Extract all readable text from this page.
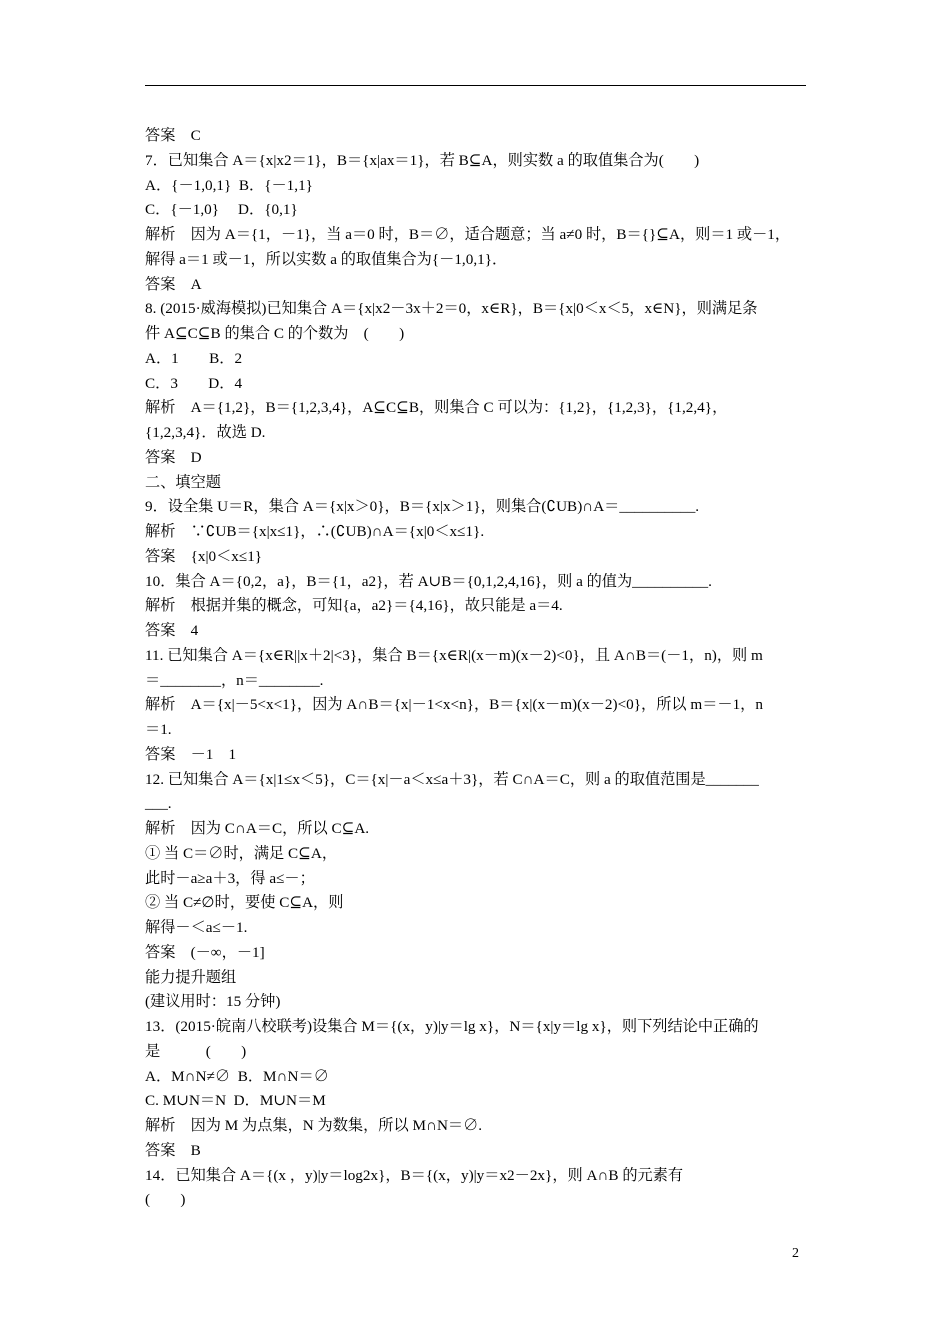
答案　C
7．已知集合 A＝{x|x2＝1}，B＝{x|ax＝1}，若 B⊆A，则实数 a 的取值集合为(　　)
A．{－1,0,1}  B．{－1,1}
C．{－1,0}　 D．{0,1}
解析　因为 A＝{1，－1}，当 a＝0 时，B＝∅，适合题意；当 a≠0 时，B＝{}⊆A，则＝1 或－1，
解得 a＝1 或－1，所以实数 a 的取值集合为{－1,0,1}．
答案　A
8. (2015·威海模拟)已知集合 A＝{x|x2－3x＋2＝0，x∈R}，B＝{x|0＜x＜5，x∈N}，则满足条
件 A⊆C⊆B 的集合 C 的个数为　(　　)
A．1　　B．2
C．3　　D．4
解析　A＝{1,2}，B＝{1,2,3,4}，A⊆C⊆B，则集合 C 可以为：{1,2}，{1,2,3}，{1,2,4}，
{1,2,3,4}．故选 D.
答案　D
二、填空题
9．设全集 U＝R，集合 A＝{x|x＞0}，B＝{x|x＞1}，则集合(∁UB)∩A＝__________.
解析　∵∁UB＝{x|x≤1}，∴(∁UB)∩A＝{x|0＜x≤1}.
答案　{x|0＜x≤1}
10．集合 A＝{0,2，a}，B＝{1，a2}，若 A∪B＝{0,1,2,4,16}，则 a 的值为__________.
解析　根据并集的概念，可知{a，a2}＝{4,16}，故只能是 a＝4.
答案　4
11. 已知集合 A＝{x∈R||x＋2|<3}，集合 B＝{x∈R|(x－m)(x－2)<0}，且 A∩B＝(－1，n)，则 m
＝________，n＝________.
解析　A＝{x|－5<x<1}，因为 A∩B＝{x|－1<x<n}，B＝{x|(x－m)(x－2)<0}，所以 m＝－1，n
＝1.
答案　－1　1
12. 已知集合 A＝{x|1≤x＜5}，C＝{x|－a＜x≤a＋3}，若 C∩A＝C，则 a 的取值范围是_______
___.
解析　因为 C∩A＝C，所以 C⊆A.
① 当 C＝∅时，满足 C⊆A，
此时－a≥a＋3，得 a≤－；
② 当 C≠∅时，要使 C⊆A，则
解得－＜a≤－1.
答案　(－∞，－1]
能力提升题组
(建议用时：15 分钟)
13．(2015·皖南八校联考)设集合 M＝{(x，y)|y＝lg x}，N＝{x|y＝lg x}，则下列结论中正确的
是　　　(　　)
A．M∩N≠∅  B．M∩N＝∅
C. M∪N＝N  D．M∪N＝M
解析　因为 M 为点集，N 为数集，所以 M∩N＝∅.
答案　B
14．已知集合 A＝{(x ，y)|y＝log2x}，B＝{(x，y)|y＝x2－2x}，则 A∩B 的元素有
(　　)
2
